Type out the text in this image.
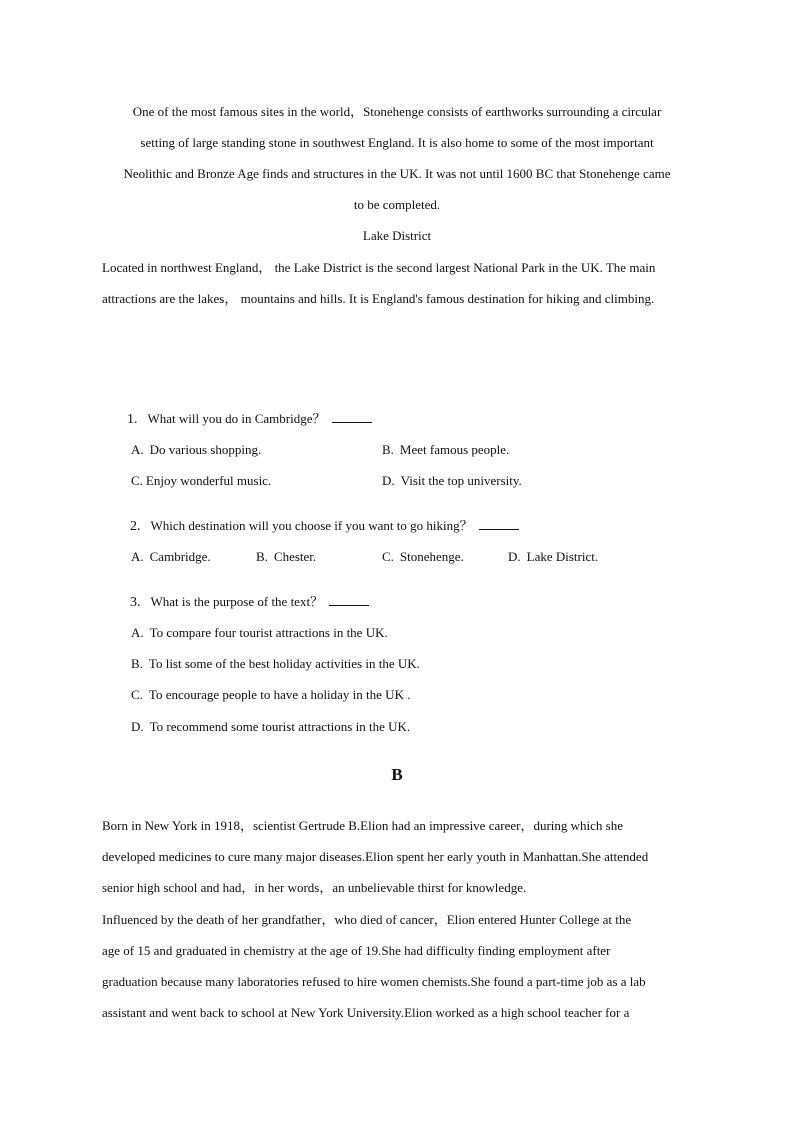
One of the most famous sites in the world，Stonehenge consists of earthworks surrounding a circular
setting of large standing stone in southwest England. It is also home to some of the most important
Neolithic and Bronze Age finds and structures in the UK. It was not until 1600 BC that Stonehenge came
to be completed.
Lake District
Located in northwest England， the Lake District is the second largest National Park in the UK. The main
attractions are the lakes， mountains and hills. It is England's famous destination for hiking and climbing.
1. What will you do in Cambridge？
A. Do various shopping.	B. Meet famous people.
C. Enjoy wonderful music.	D. Visit the top university.
2. Which destination will you choose if you want to go hiking？
A. Cambridge.	B. Chester.	C. Stonehenge.	D. Lake District.
3. What is the purpose of the text？
A. To compare four tourist attractions in the UK.
B. To list some of the best holiday activities in the UK.
C. To encourage people to have a holiday in the UK .
D. To recommend some tourist attractions in the UK.
B
Born in New York in 1918，scientist Gertrude B.Elion had an impressive career，during which she
developed medicines to cure many major diseases.Elion spent her early youth in Manhattan.She attended
senior high school and had，in her words，an unbelievable thirst for knowledge.
Influenced by the death of her grandfather，who died of cancer，Elion entered Hunter College at the
age of 15 and graduated in chemistry at the age of 19.She had difficulty finding employment after
graduation because many laboratories refused to hire women chemists.She found a part-time job as a lab
assistant and went back to school at New York University.Elion worked as a high school teacher for a
